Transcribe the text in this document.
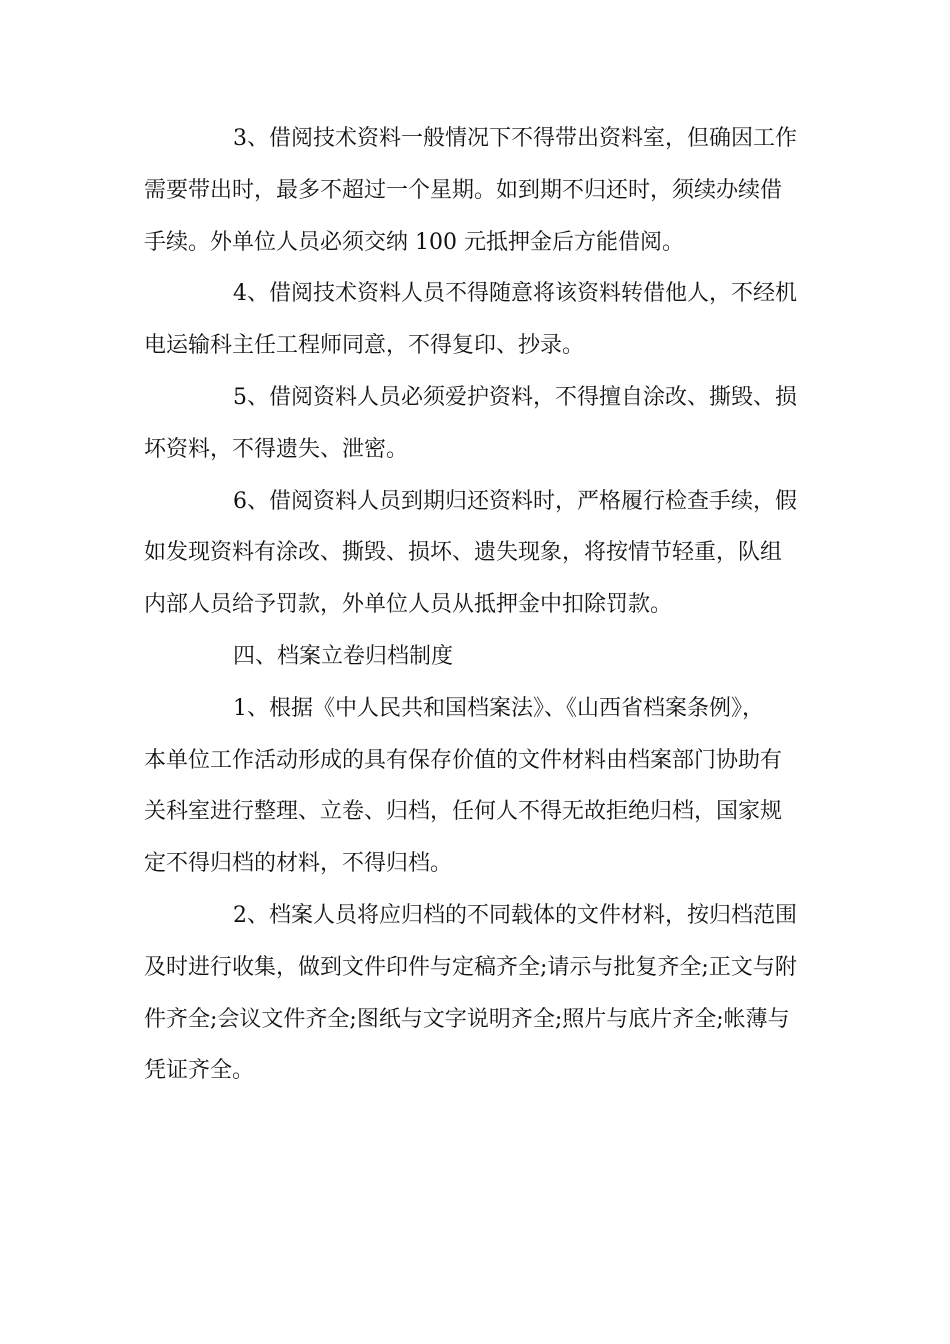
3、借阅技术资料一般情况下不得带出资料室，但确因工作
需要带出时，最多不超过一个星期。如到期不归还时，须续办续借
手续。外单位人员必须交纳 100 元抵押金后方能借阅。
4、借阅技术资料人员不得随意将该资料转借他人，不经机
电运输科主任工程师同意，不得复印、抄录。
5、借阅资料人员必须爱护资料，不得擅自涂改、撕毁、损
坏资料，不得遗失、泄密。
6、借阅资料人员到期归还资料时，严格履行检查手续，假
如发现资料有涂改、撕毁、损坏、遗失现象，将按情节轻重，队组
内部人员给予罚款，外单位人员从抵押金中扣除罚款。
四、档案立卷归档制度
1、根据《中人民共和国档案法》、《山西省档案条例》，
本单位工作活动形成的具有保存价值的文件材料由档案部门协助有
关科室进行整理、立卷、归档，任何人不得无故拒绝归档，国家规
定不得归档的材料，不得归档。
2、档案人员将应归档的不同载体的文件材料，按归档范围
及时进行收集，做到文件印件与定稿齐全;请示与批复齐全;正文与附
件齐全;会议文件齐全;图纸与文字说明齐全;照片与底片齐全;帐薄与
凭证齐全。
